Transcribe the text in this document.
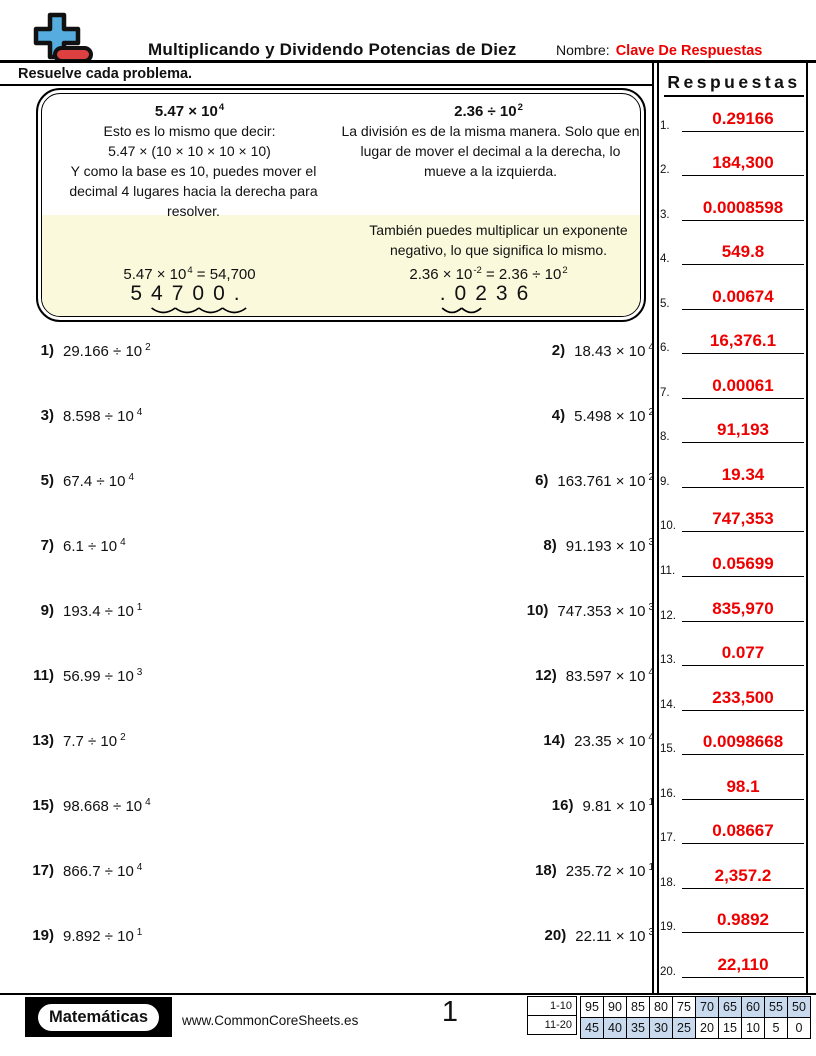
Multiplicando y Dividendo Potencias de Diez	Nombre: Clave De Respuestas
Resuelve cada problema.
$5.47 \times 10^4$
Esto es lo mismo que decir:
5.47 × (10 × 10 × 10 × 10)
Y como la base es 10, puedes mover el decimal 4 lugares hacia la derecha para resolver.
$5.47 \times 10^4 = 54,700$
54700.
$2.36 \div 10^2$
La división es de la misma manera. Solo que en lugar de mover el decimal a la derecha, lo mueve a la izquierda.
También puedes multiplicar un exponente negativo, lo que significa lo mismo.
$2.36 \times 10^{-2} = 2.36 \div 10^2$
.0236
1) 29.166 ÷ 10 $^2$	2) 18.43 × 10 $^4$
3) 8.598 ÷ 10 $^4$	4) 5.498 × 10 $^2$
5) 67.4 ÷ 10 $^4$	6) 163.761 × 10 $^2$
7) 6.1 ÷ 10 $^4$	8) 91.193 × 10 $^3$
9) 193.4 ÷ 10 $^1$	10) 747.353 × 10 $^3$
11) 56.99 ÷ 10 $^3$	12) 83.597 × 10 $^4$
13) 7.7 ÷ 10 $^2$	14) 23.35 × 10 $^4$
15) 98.668 ÷ 10 $^4$	16) 9.81 × 10 $^1$
17) 866.7 ÷ 10 $^4$	18) 235.72 × 10 $^1$
19) 9.892 ÷ 10 $^1$	20) 22.11 × 10 $^3$
Respuestas
1.	0.29166
2.	184,300
3.	0.0008598
4.	549.8
5.	0.00674
6.	16,376.1
7.	0.00061
8.	91,193
9.	19.34
10.	747,353
11.	0.05699
12.	835,970
13.	0.077
14.	233,500
15.	0.0098668
16.	98.1
17.	0.08667
18.	2,357.2
19.	0.9892
20.	22,110
Matemáticas	www.CommonCoreSheets.es	1	1-10
11-20
95	90	85	80	75	70	65	60	55	50
45	40	35	30	25	20	15	10	5	0
